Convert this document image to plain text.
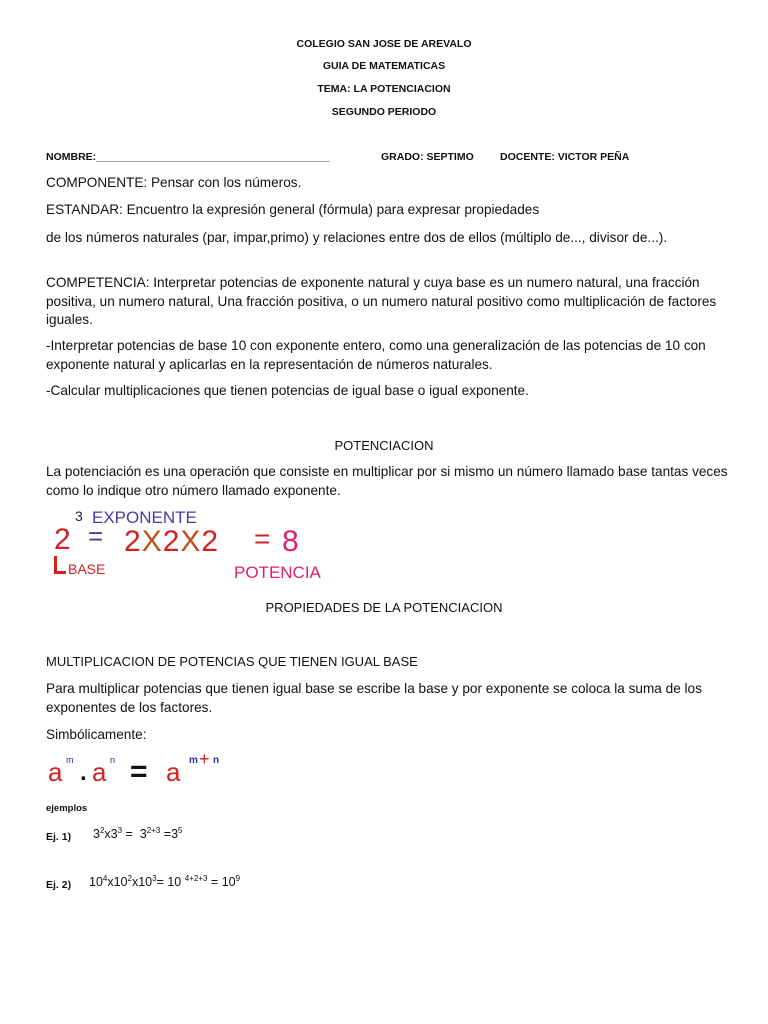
COLEGIO SAN JOSE DE AREVALO
GUIA DE MATEMATICAS
TEMA: LA POTENCIACION
SEGUNDO PERIODO
NOMBRE:________________________________________	GRADO: SEPTIMO DOCENTE: VICTOR PEÑA
COMPONENTE: Pensar con los números.
ESTANDAR: Encuentro la expresión general (fórmula) para expresar propiedades
de los números naturales (par, impar,primo) y relaciones entre dos de ellos (múltiplo de..., divisor de...).
COMPETENCIA: Interpretar potencias de exponente natural y cuya base es un numero natural, una fracción positiva, un numero natural, Una fracción positiva, o un numero natural positivo como multiplicación de factores iguales.
-Interpretar potencias de base 10 con exponente entero, como una generalización de las potencias de 10 con exponente natural y aplicarlas en la representación de números naturales.
-Calcular multiplicaciones que tienen potencias de igual base o igual exponente.
POTENCIACION
La potenciación es una operación que consiste en multiplicar por si mismo un número llamado base tantas veces como lo indique otro número llamado exponente.
2
3 EXPONENTE
BASE
= 2X2X2 = 8
POTENCIA
PROPIEDADES DE LA POTENCIACION
MULTIPLICACION DE POTENCIAS QUE TIENEN IGUAL BASE
Para multiplicar potencias que tienen igual base se escribe la base y por exponente se coloca la suma de los exponentes de los factores.
Simbólicamente:
a m . a n = a m + n
ejemplos
Ej. 1) $3^2x3^3 = 3^{2+3} =3^5$
Ej. 2) $10^4x10^2x10^3= 10$ $^{4+2+3} = 10^9$
